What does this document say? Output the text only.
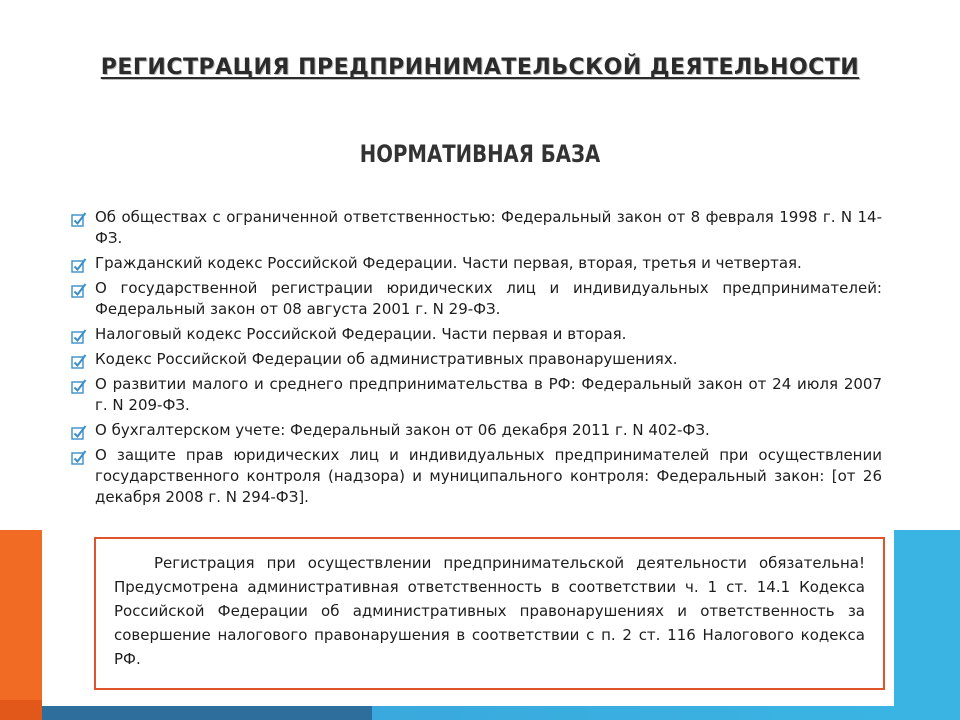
РЕГИСТРАЦИЯ ПРЕДПРИНИМАТЕЛЬСКОЙ ДЕЯТЕЛЬНОСТИ
НОРМАТИВНАЯ БАЗА
Об обществах с ограниченной ответственностью: Федеральный закон от 8 февраля 1998 г. N 14-ФЗ.
Гражданский кодекс Российской Федерации. Части первая, вторая, третья и четвертая.
О государственной регистрации юридических лиц и индивидуальных предпринимателей: Федеральный закон от 08 августа 2001 г. N 29-ФЗ.
Налоговый кодекс Российской Федерации. Части первая и вторая.
Кодекс Российской Федерации об административных правонарушениях.
О развитии малого и среднего предпринимательства в РФ: Федеральный закон от 24 июля 2007 г. N 209-ФЗ.
О бухгалтерском учете: Федеральный закон от 06 декабря 2011 г. N 402-ФЗ.
О защите прав юридических лиц и индивидуальных предпринимателей при осуществлении государственного контроля (надзора) и муниципального контроля: Федеральный закон: [от 26 декабря 2008 г. N 294-ФЗ].

Регистрация при осуществлении предпринимательской деятельности обязательна! Предусмотрена административная ответственность в соответствии ч. 1 ст. 14.1 Кодекса Российской Федерации об административных правонарушениях и ответственность за совершение налогового правонарушения в соответствии с п. 2 ст. 116 Налогового кодекса РФ.
